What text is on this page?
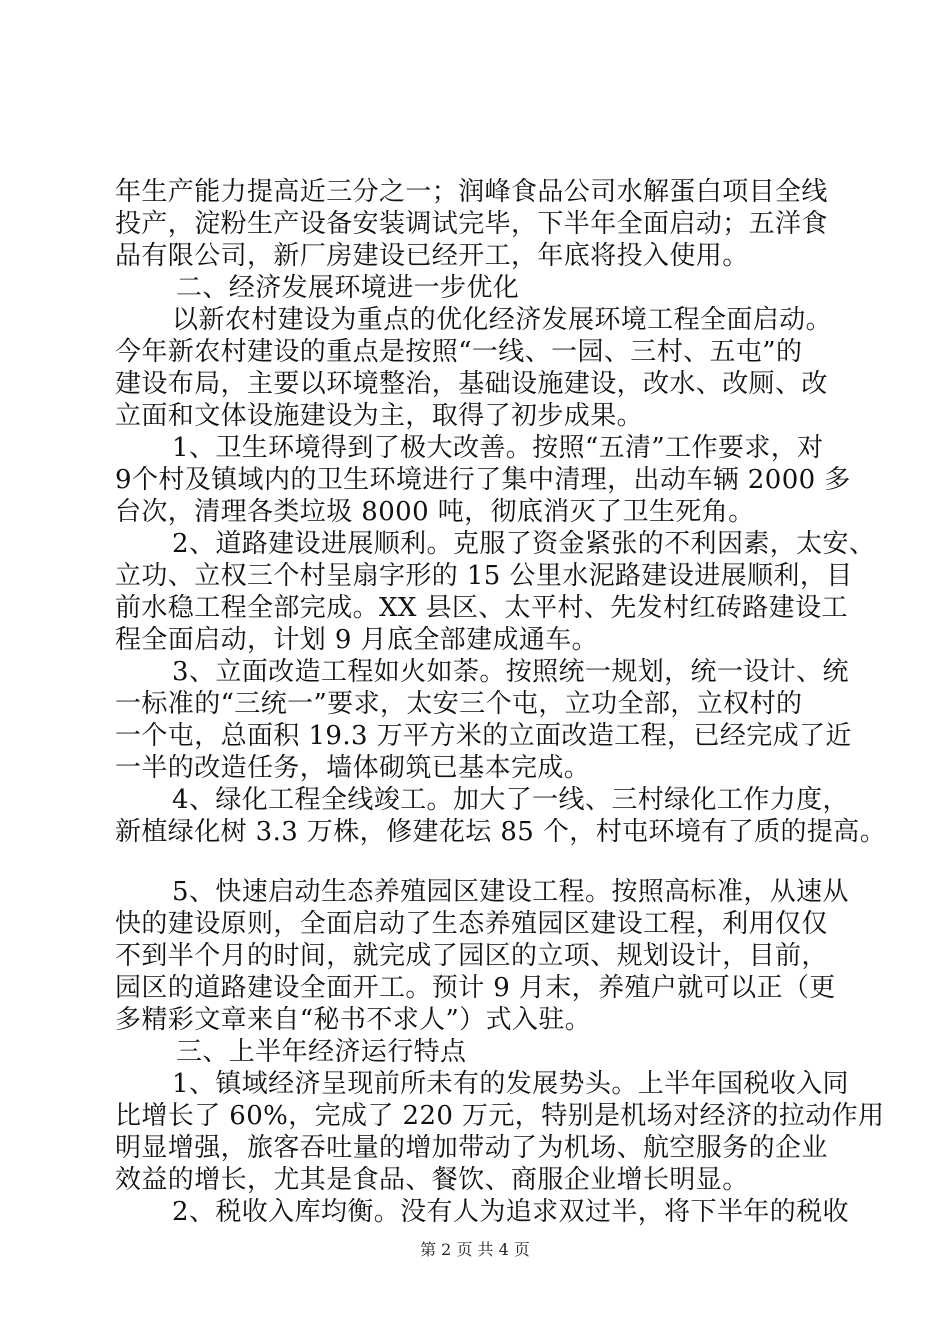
年生产能力提高近三分之一；润峰食品公司水解蛋白项目全线
投产，淀粉生产设备安装调试完毕，下半年全面启动；五洋食
品有限公司，新厂房建设已经开工，年底将投入使用。
二、经济发展环境进一步优化
以新农村建设为重点的优化经济发展环境工程全面启动。
今年新农村建设的重点是按照“一线、一园、三村、五屯”的
建设布局，主要以环境整治，基础设施建设，改水、改厕、改
立面和文体设施建设为主，取得了初步成果。
1、卫生环境得到了极大改善。按照“五清”工作要求，对
9个村及镇域内的卫生环境进行了集中清理，出动车辆 2000 多
台次，清理各类垃圾 8000 吨，彻底消灭了卫生死角。
2、道路建设进展顺利。克服了资金紧张的不利因素，太安、
立功、立权三个村呈扇字形的 15 公里水泥路建设进展顺利，目
前水稳工程全部完成。XX 县区、太平村、先发村红砖路建设工
程全面启动，计划 9 月底全部建成通车。
3、立面改造工程如火如荼。按照统一规划，统一设计、统
一标准的“三统一”要求，太安三个屯，立功全部，立权村的
一个屯，总面积 19.3 万平方米的立面改造工程，已经完成了近
一半的改造任务，墙体砌筑已基本完成。
4、绿化工程全线竣工。加大了一线、三村绿化工作力度，
新植绿化树 3.3 万株，修建花坛 85 个，村屯环境有了质的提高。
5、快速启动生态养殖园区建设工程。按照高标准，从速从
快的建设原则，全面启动了生态养殖园区建设工程，利用仅仅
不到半个月的时间，就完成了园区的立项、规划设计，目前，
园区的道路建设全面开工。预计 9 月末，养殖户就可以正（更
多精彩文章来自“秘书不求人”）式入驻。
三、上半年经济运行特点
1、镇域经济呈现前所未有的发展势头。上半年国税收入同
比增长了 60%，完成了 220 万元，特别是机场对经济的拉动作用
明显增强，旅客吞吐量的增加带动了为机场、航空服务的企业
效益的增长，尤其是食品、餐饮、商服企业增长明显。
2、税收入库均衡。没有人为追求双过半，将下半年的税收
第 2 页 共 4 页
